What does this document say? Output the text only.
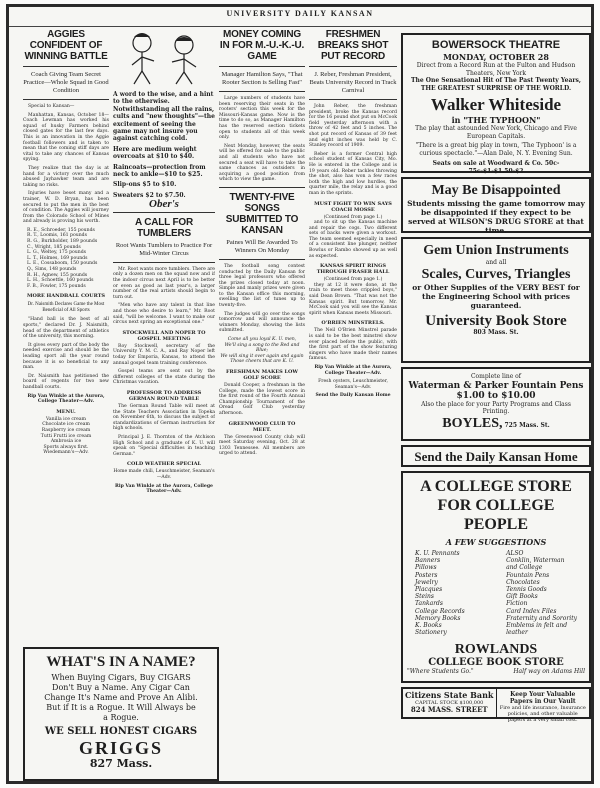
UNIVERSITY DAILY KANSAN
AGGIES CONFIDENT OF WINNING BATTLE
Coach Giving Team Secret Practice—Whole Squad in Good Condition
Special to Kansan—
Manhattan, Kansas, October 18—Coach Lewman has worked his squad of husky Farmers behind closed gates for the last few days. This is an innovation in the Aggie football followers and is taken to mean that the coming stiff days are vital to take any chances of Kansas spying.
They realize that the day is at hand for a victory over the much abused Jayhawker team and are taking no risks.
Injuries have beset many and a trainer, W. D. Bryan, has been secured to put the men in the best of condition. The Aggies will journey from the Colorado School of Mines and already is proving his worth.
R. E., Schroeder, 155 pounds
R. T., Loomis, 161 pounds
R. G., Burkholder, 189 pounds
C., Wright, 185 pounds
L. G., Weltey, 175 pounds
L. T., Holmes, 169 pounds
L. E., Cossaboom, 150 pounds
Q., Sims, 148 pounds
R. H., Agnew, 155 pounds
L. H., Schoettle, 160 pounds
F. B., Fowler, 175 pounds
MORE HANDBALL COURTS
Dr. Naismith Declares Game the Most Beneficial of All Sports
"Hand ball is the best of all sports," declared Dr. J. Naismith, head of the department of athletics of the university, this morning.
It gives every part of the body the needed exercise and should be the leading sport all the year round because it is so beneficial to any man.
Dr. Naismith has petitioned the board of regents for two new handball courts.
Rip Van Winkle at the Aurora, College Theater—Adv.
MENU.
Vanilla ice cream
Chocolate ice cream
Raspberry ice cream
Tutti Frutti ice cream
Ambrosia ice
Sports always first.
Wiedemann's—Adv.
A word to the wise, and a hint to the otherwise. Notwithstanding all the rains, cults and "new thoughts"—the excitement of seeing the game may not insure you against catching cold.
Here are medium weight overcoats at $10 to $40.
Raincoats—protection from neck to ankle—$10 to $25.
Slip-ons $5 to $10.
Sweaters $2 to $7.50.
Ober's
A CALL FOR TUMBLERS
Root Wants Tumblers to Practice For Mid-Winter Circus
Mr. Root wants more tumblers. There are only a dozen men on the squad now and if the indoor circus next April is to be better or even as good as last year's, a larger number of the real artists should begin to turn out.
"Men who have any talent in that line and those who desire to learn," Mr. Root said, "will be welcome. I want to make our circus next spring an exceptional one."
STOCKWELL AND NOPER TO GOSPEL MEETING
Roy Stockwell, secretary of the University Y. M. C. A., and Ray Noper left today for Emporia, Kansas, to attend the annual gospel team training conference.
Gospel teams are sent out by the different colleges of the state during the Christmas vacation.
PROFESSOR TO ADDRESS GERMAN ROUND TABLE
The German Round Table will meet at the State Teachers Association in Topeka on November 6th, to discuss the subject of standardizations of German instruction for high schools.
Principal J. E. Thornton of the Atchison High School and a graduate of K. U. will speak on "Special difficulties in teaching German."
COLD WEATHER SPECIAL
Home made chili, Leuschmeister, Seaman's—Adv.
Rip Van Winkle at the Aurora, College Theater—Adv.
MONEY COMING IN FOR M.-U.-K.-U. GAME
Manager Hamilton Says, "That Rooter Section is Selling Fast"
Large numbers of students have been reserving their seats in the rooters' section this week for the Missouri-Kansas game. Now is the time to do so, as Manager Hamilton has the reserved section tickets open to students all of this week only.
Next Monday, however, the seats will be offered for sale to the public and all students who have not secured a seat will have to take the same chances as outsiders in acquiring a good position from which to view the game.
TWENTY-FIVE SONGS SUBMITTED TO KANSAN
Paines Will Be Awarded To Winners On Monday
The football song contest conducted by the Daily Kansan for three legal professors who offered the prizes closed today at noon. Simple and manly prizes were given to the Kansan office this morning, swelling the list of tunes up to twenty-five.
The judges will go over the songs tomorrow and will announce the winners Monday, showing the lists submitted.
Come all you loyal K. U. men,
We'll sing a song to the Red and Blue;
We will sing it over again and again
Those cheers that are K. U.
FRESHMAN MAKES LOW GOLF SCORE
Donald Cooper, a freshman in the College, made the lowest score in the first round of the Fourth Annual Championship Tournament of the Oread Golf Club yesterday afternoon.
GREENWOOD CLUB TO MEET.
The Greenwood County club will meet Saturday evening, Oct. 28 at 1303 Tennessee. All members are urged to attend.
FRESHMEN BREAKS SHOT PUT RECORD
J. Reber, Freshman President, Beats University Record in Track Carnival
John Reber, the freshman president, broke the Kansas record for the 16 pound shot put on McCook field yesterday afternoon with a throw of 42 feet and 5 inches. The shot put record of Kansas of 39 feet and eight inches was held by C. Stanley record of 1909.
Reber is a former Central high school student of Kansas City, Mo. He is entered in the College and is 19 years old. Reber tackles throwing the shot, also has won a few races both the high and low hurdles, the quarter mile, the relay and is a good man in the sprints.
MUST FIGHT TO WIN SAYS COACH MOSSE
(Continued from page 1.)
and to sit up the Kansas machine and repair the cogs. Two different sets of backs were given a workout. The team seemed especially in need of a consistent line plunger, neither Bowlus or Rambo showed up as well as expected.
KANSAS SPIRIT RINGS THROUGH FRASER HALL
(Continued from page 1.)
they at 12 it were done, at the train to meet those crippled boys," said Dean Brown. "That was not the Kansas spirit. But tomorrow, Mr. McCook said you will see the Kansas spirit when Kansas meets Missouri.
O'BRIEN MINSTRELS.
The Neil O'Brien Minstrel parade is said to be the best minstrel show ever placed before the public, with the first part of the show featuring singers who have made their names famous.
Rip Van Winkle at the Aurora, College Theater—Adv.
Fresh oysters, Leuschmeister, Seaman's—Adv.
Send the Daily Kansan Home
BOWERSOCK THEATRE
MONDAY, OCTOBER 28
Direct from a Record Run at the Fulton and Hudson Theaters, New York
The One Sensational Hit of The Past Twenty Years, THE GREATEST SURPRISE OF THE WORLD.
Walker Whiteside
in "THE TYPHOON"
The play that astounded New York, Chicago and Five European Capitals.
"There is a great big play in town, 'The Typhoon' is a curious spectacle."—Alan Dale, N. Y. Evening Sun.
Seats on sale at Woodward & Co. 50c-75c-$1-$1.50-$2
May Be Disappointed
Students missing the game tomorrow may be disappointed if they expect to be served at WILSON'S DRUG STORE at that time.
Gem Union Instruments
and all
Scales, Curves, Triangles
or Other Supplies of the VERY BEST for the Engineering School with prices guaranteed.
University Book Store
803 Mass. St.
Complete line of
Waterman & Parker Fountain Pens
$1.00 to $10.00
Also the place for your Party Programs and Class Printing.
BOYLES, 725 Mass. St.
Send the Daily Kansan Home
A COLLEGE STORE
FOR COLLEGE PEOPLE
A FEW SUGGESTIONS
K. U. Pennants
Banners
Pillows
Posters
Jewelry
Placques
Steins
Tankards
College Records
Memory Books
K. Books
Stationery
ALSO
Conklin, Waterman
and College
Fountain Pens
Chocolates
Tennis Goods
Gift Books
Fiction
Card Index Files
Fraternity and Sorority
Emblems in felt and
leather
ROWLANDS
COLLEGE BOOK STORE
"Where Students Go."	Half way on Adams Hill
Citizens State Bank
CAPITAL STOCK $100,000
824 MASS. STREET
Keep Your Valuable Papers in Our Vault
Fire and life insurance, Insurance policies, and other valuable papers at a very small cost.
WHAT'S IN A NAME?
When Buying Cigars, Buy CIGARS
Don't Buy a Name. Any Cigar Can
Change It's Name and Prove An Alibi.
But if It is a Rogue. It Will Always be
a Rogue.
WE SELL HONEST CIGARS
GRIGGS
827 Mass.
